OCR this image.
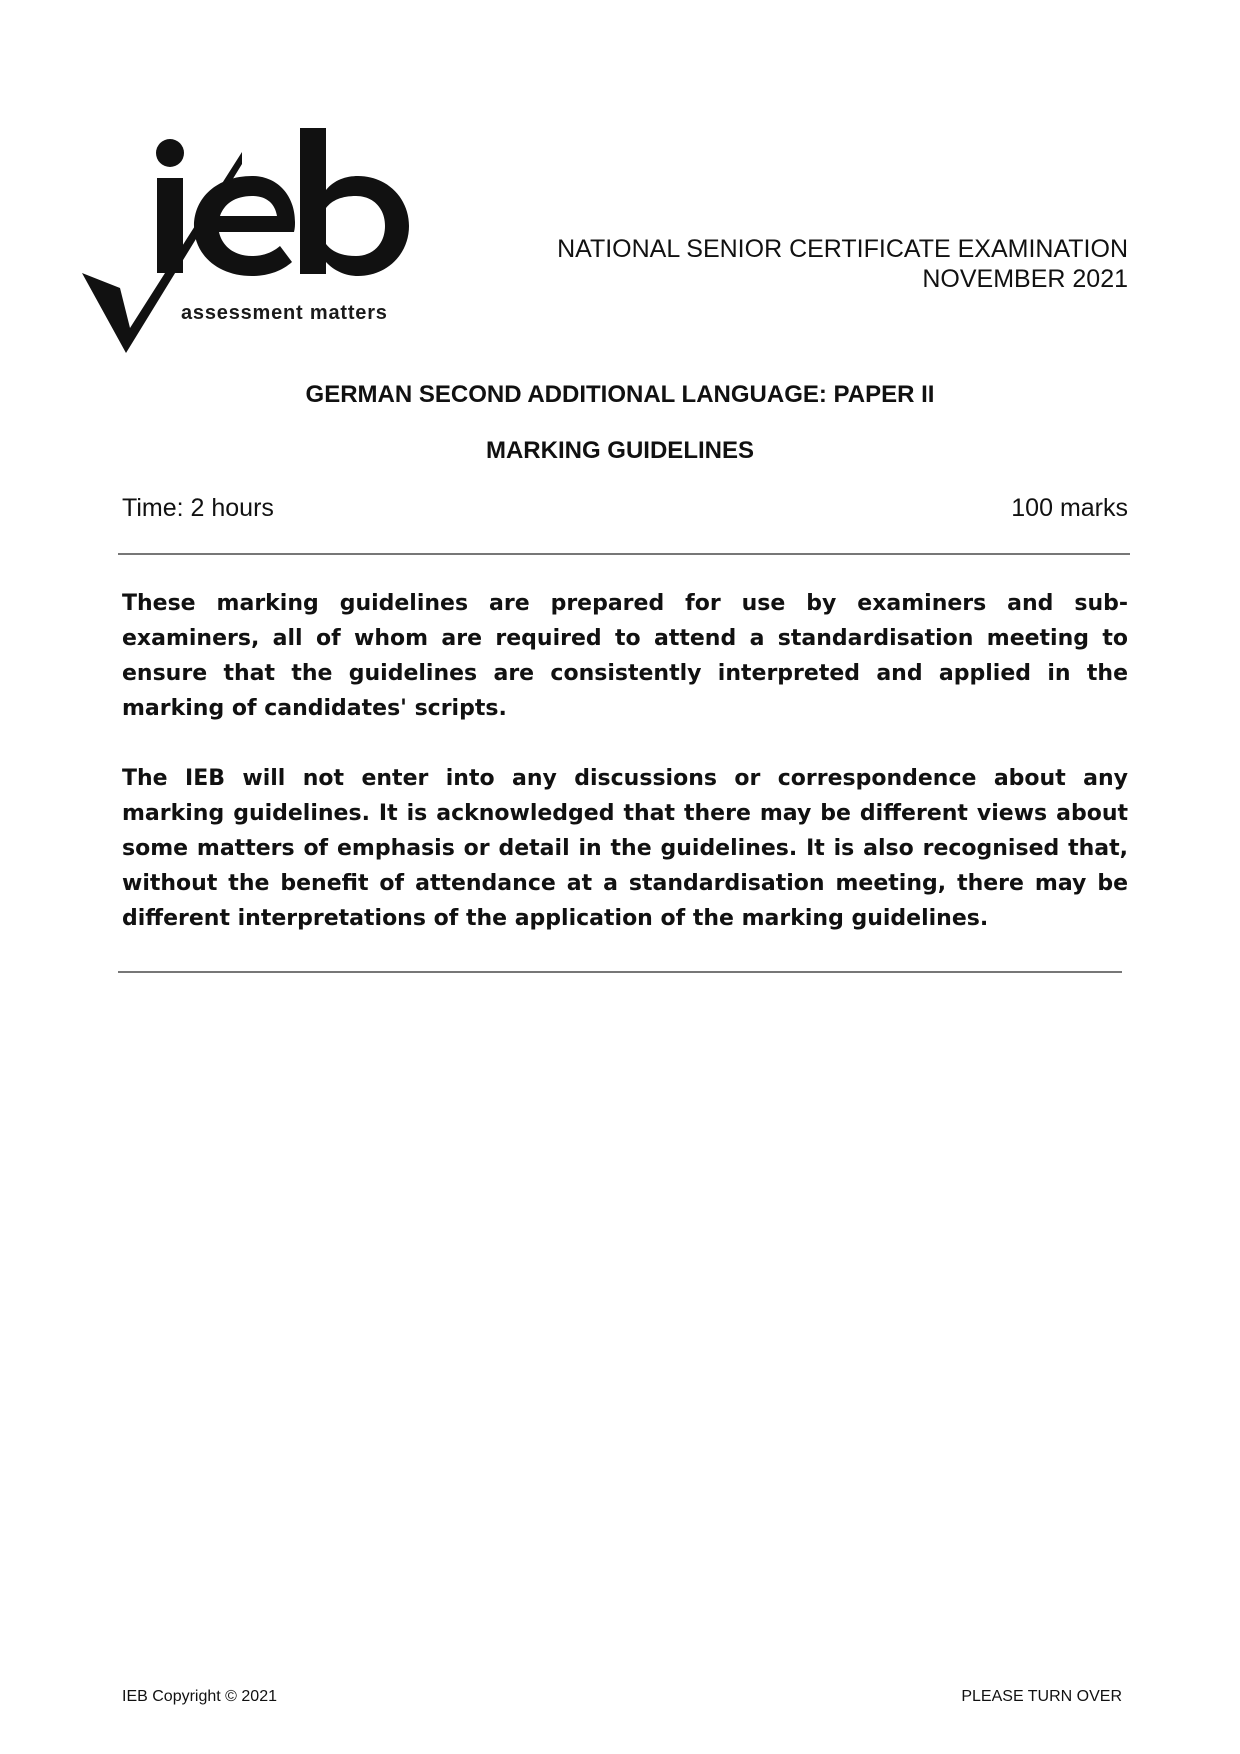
assessment matters
NATIONAL SENIOR CERTIFICATE EXAMINATION
NOVEMBER 2021
GERMAN SECOND ADDITIONAL LANGUAGE: PAPER II
MARKING GUIDELINES
Time: 2 hours	100 marks

These marking guidelines are prepared for use by examiners and sub-examiners, all of whom are required to attend a standardisation meeting to ensure that the guidelines are consistently interpreted and applied in the marking of candidates' scripts.

The IEB will not enter into any discussions or correspondence about any marking guidelines. It is acknowledged that there may be different views about some matters of emphasis or detail in the guidelines. It is also recognised that, without the benefit of attendance at a standardisation meeting, there may be different interpretations of the application of the marking guidelines.

IEB Copyright © 2021	PLEASE TURN OVER
